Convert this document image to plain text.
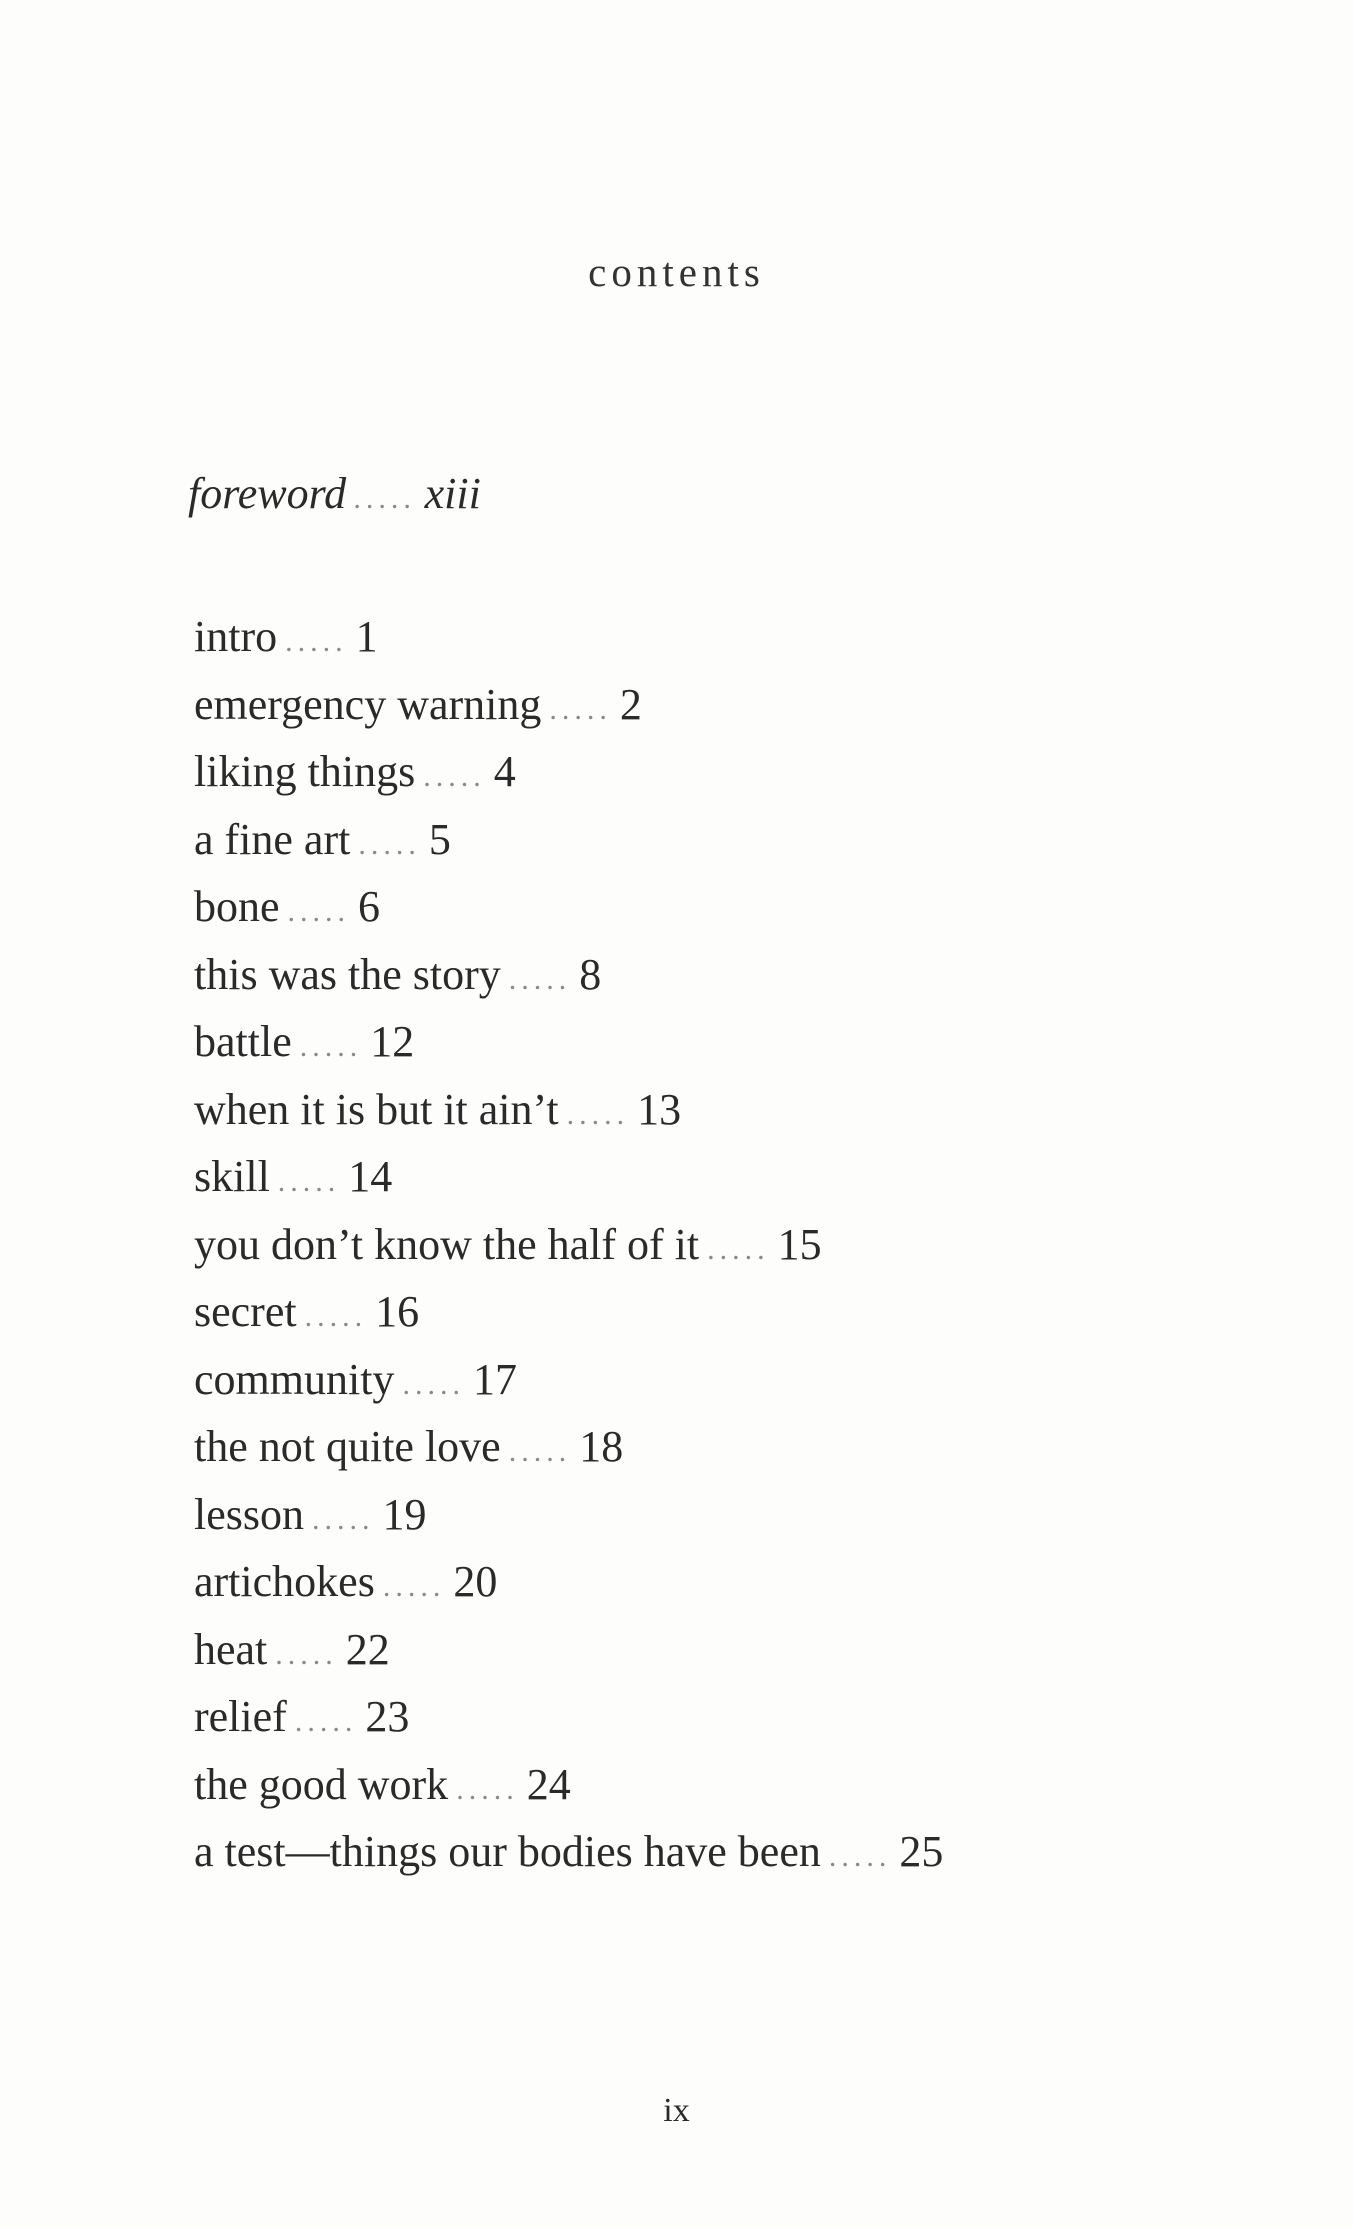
contents
foreword ..... xiii
intro ..... 1
emergency warning ..... 2
liking things ..... 4
a fine art ..... 5
bone ..... 6
this was the story ..... 8
battle ..... 12
when it is but it ain’t ..... 13
skill ..... 14
you don’t know the half of it ..... 15
secret ..... 16
community ..... 17
the not quite love ..... 18
lesson ..... 19
artichokes ..... 20
heat ..... 22
relief ..... 23
the good work ..... 24
a test—things our bodies have been ..... 25
ix
